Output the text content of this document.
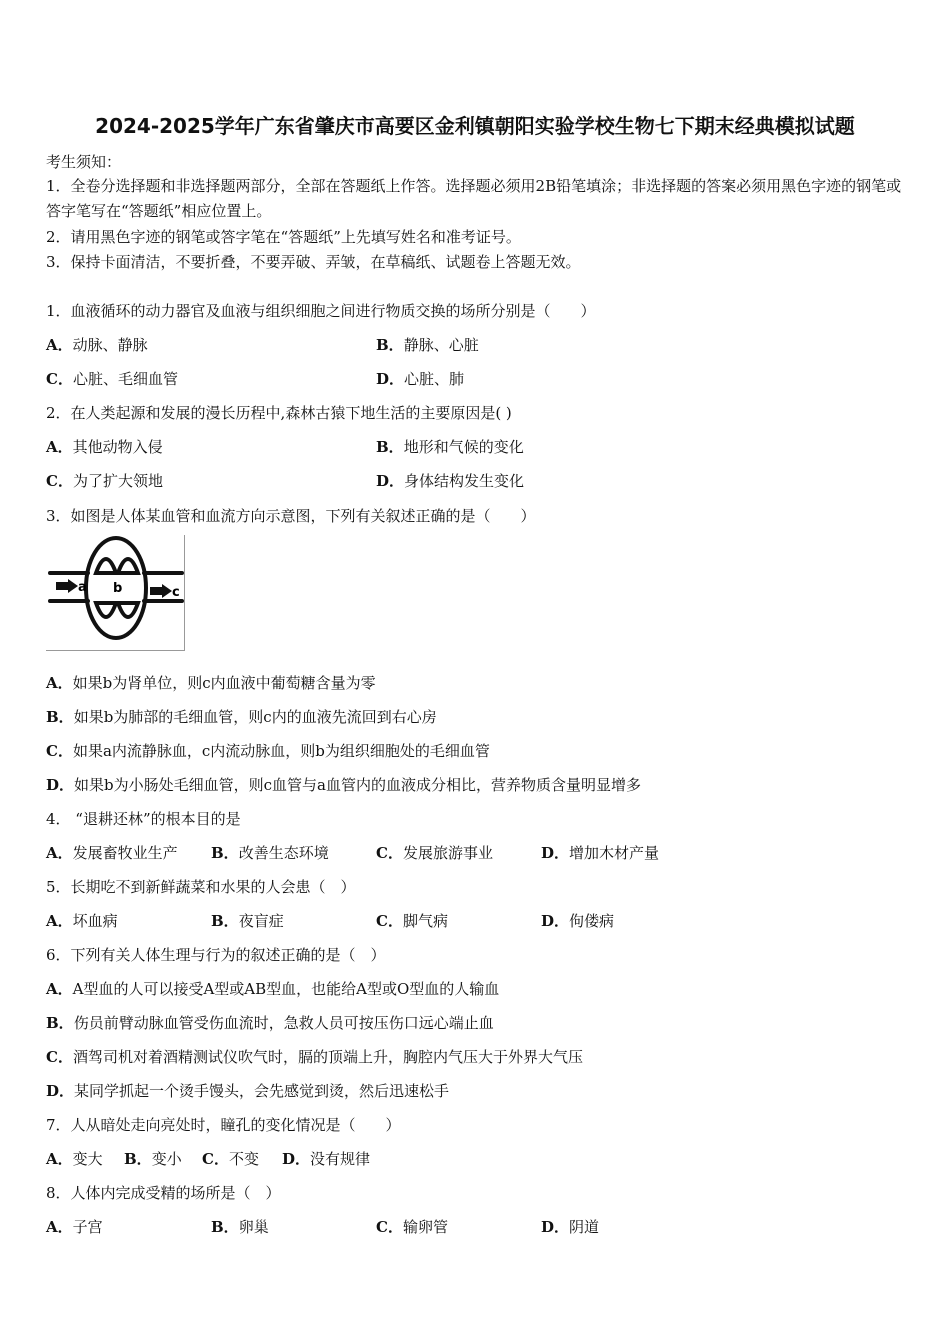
2024-2025学年广东省肇庆市高要区金利镇朝阳实验学校生物七下期末经典模拟试题
考生须知：
1．全卷分选择题和非选择题两部分，全部在答题纸上作答。选择题必须用2B铅笔填涂；非选择题的答案必须用黑色字迹的钢笔或答字笔写在“答题纸”相应位置上。
2．请用黑色字迹的钢笔或答字笔在“答题纸”上先填写姓名和准考证号。
3．保持卡面清洁，不要折叠，不要弄破、弄皱，在草稿纸、试题卷上答题无效。
1．血液循环的动力器官及血液与组织细胞之间进行物质交换的场所分别是（　　）
A．动脉、静脉	B．静脉、心脏
C．心脏、毛细血管	D．心脏、肺
2．在人类起源和发展的漫长历程中,森林古猿下地生活的主要原因是( )
A．其他动物入侵	B．地形和气候的变化
C．为了扩大领地	D．身体结构发生变化
3．如图是人体某血管和血流方向示意图，下列有关叙述正确的是（　　）
a b	c
A．如果b为肾单位，则c内血液中葡萄糖含量为零
B．如果b为肺部的毛细血管，则c内的血液先流回到右心房
C．如果a内流静脉血，c内流动脉血，则b为组织细胞处的毛细血管
D．如果b为小肠处毛细血管，则c血管与a血管内的血液成分相比，营养物质含量明显增多
4． “退耕还林”的根本目的是
A．发展畜牧业生产 B．改善生态环境	C．发展旅游事业	D．增加木材产量
5．长期吃不到新鲜蔬菜和水果的人会患（　）
A．坏血病	B．夜盲症	C．脚气病	D．佝偻病
6．下列有关人体生理与行为的叙述正确的是（　）
A．A型血的人可以接受A型或AB型血，也能给A型或O型血的人输血
B．伤员前臂动脉血管受伤血流时，急救人员可按压伤口远心端止血
C．酒驾司机对着酒精测试仪吹气时，膈的顶端上升，胸腔内气压大于外界大气压
D．某同学抓起一个烫手馒头，会先感觉到烫，然后迅速松手
7．人从暗处走向亮处时，瞳孔的变化情况是（　　）
A．变大 B．变小 C．不变 D．没有规律
8．人体内完成受精的场所是（　）
A．子宫	B．卵巢	C．输卵管	D．阴道
